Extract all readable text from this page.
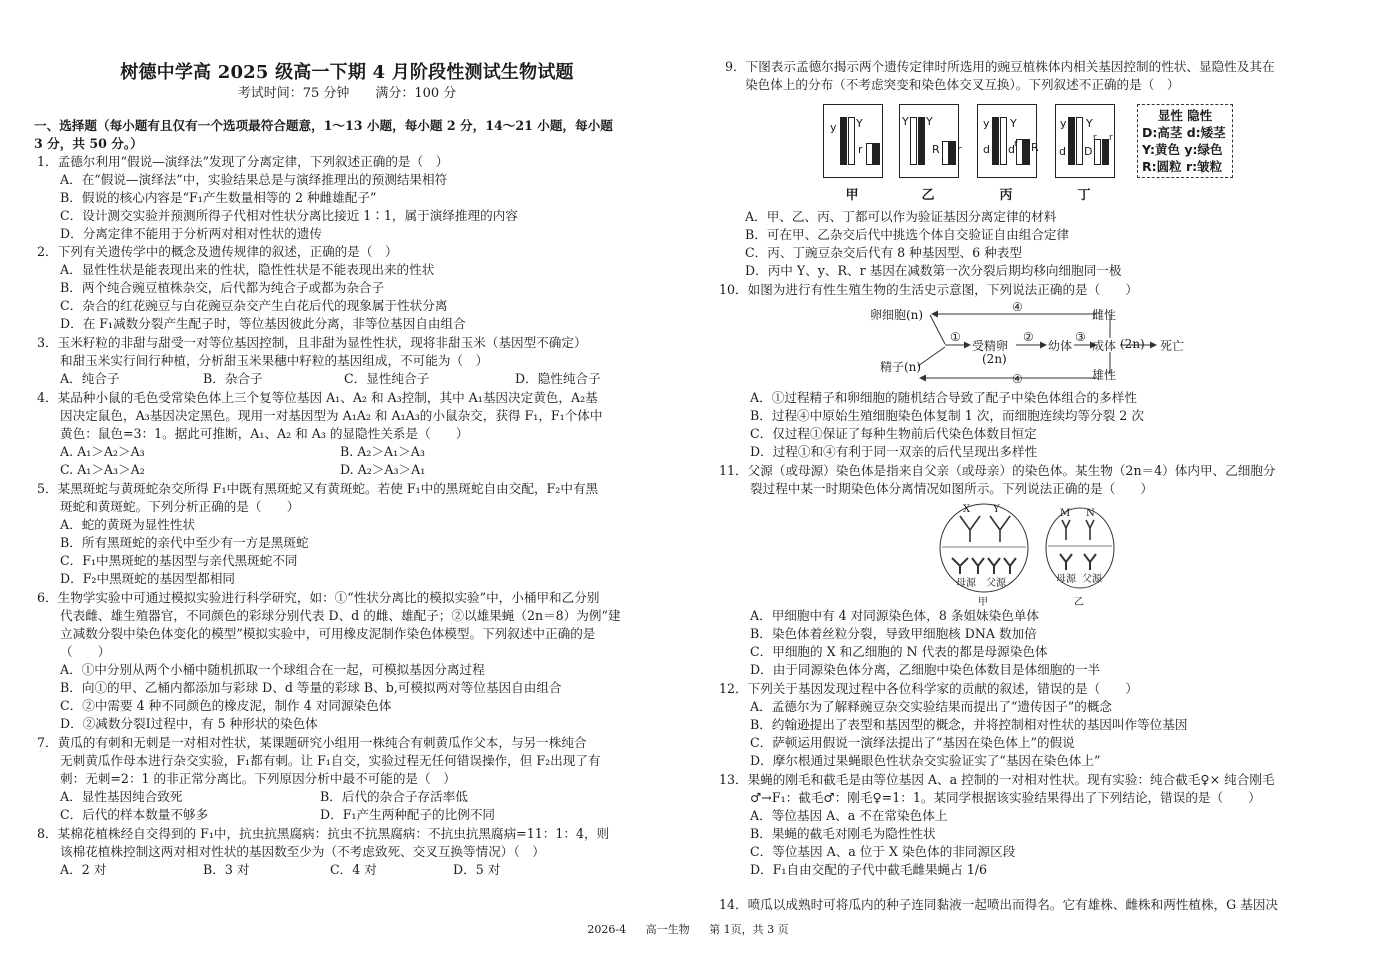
树德中学高 2025 级高一下期 4 月阶段性测试生物试题
考试时间：75 分钟　　满分：100 分
一、选择题（每小题有且仅有一个选项最符合题意，1～13 小题，每小题 2 分，14～21 小题，每小题
3 分，共 50 分。）
1．孟德尔利用“假说—演绎法”发现了分离定律，下列叙述正确的是（　）
A．在“假说—演绎法”中，实验结果总是与演绎推理出的预测结果相符
B．假说的核心内容是“F₁产生数量相等的 2 种雌雄配子”
C．设计测交实验并预测所得子代相对性状分离比接近 1∶1，属于演绎推理的内容
D．分离定律不能用于分析两对相对性状的遗传
2．下列有关遗传学中的概念及遗传规律的叙述，正确的是（　）
A．显性性状是能表现出来的性状，隐性性状是不能表现出来的性状
B．两个纯合豌豆植株杂交，后代都为纯合子或都为杂合子
C．杂合的红花豌豆与白花豌豆杂交产生白花后代的现象属于性状分离
D．在 F₁减数分裂产生配子时，等位基因彼此分离，非等位基因自由组合
3．玉米籽粒的非甜与甜受一对等位基因控制，且非甜为显性性状，现将非甜玉米（基因型不确定）
和甜玉米实行间行种植，分析甜玉米果穗中籽粒的基因组成，不可能为（　）
A．纯合子	B．杂合子	C．显性纯合子	D．隐性纯合子
4．某品种小鼠的毛色受常染色体上三个复等位基因 A₁、A₂ 和 A₃控制，其中 A₁基因决定黄色，A₂基
因决定鼠色，A₃基因决定黑色。现用一对基因型为 A₁A₂ 和 A₁A₃的小鼠杂交，获得 F₁，F₁个体中
黄色：鼠色=3：1。据此可推断，A₁、A₂ 和 A₃ 的显隐性关系是（　　）
A. A₁＞A₂＞A₃	B. A₂＞A₁＞A₃
C. A₁＞A₃＞A₂	D. A₂＞A₃＞A₁
5．某黑斑蛇与黄斑蛇杂交所得 F₁中既有黑斑蛇又有黄斑蛇。若使 F₁中的黑斑蛇自由交配，F₂中有黑
斑蛇和黄斑蛇。下列分析正确的是（　　）
A．蛇的黄斑为显性性状
B．所有黑斑蛇的亲代中至少有一方是黑斑蛇
C．F₁中黑斑蛇的基因型与亲代黑斑蛇不同
D．F₂中黑斑蛇的基因型都相同
6．生物学实验中可通过模拟实验进行科学研究，如：①“性状分离比的模拟实验”中，小桶甲和乙分别
代表雌、雄生殖器官，不同颜色的彩球分别代表 D、d 的雌、雄配子；②以雄果蝇（2n＝8）为例“建
立减数分裂中染色体变化的模型”模拟实验中，可用橡皮泥制作染色体模型。下列叙述中正确的是
（　　）
A．①中分别从两个小桶中随机抓取一个球组合在一起，可模拟基因分离过程
B．向①的甲、乙桶内都添加与彩球 D、d 等量的彩球 B、b,可模拟两对等位基因自由组合
C．②中需要 4 种不同颜色的橡皮泥，制作 4 对同源染色体
D．②减数分裂Ⅰ过程中，有 5 种形状的染色体
7．黄瓜的有刺和无刺是一对相对性状，某课题研究小组用一株纯合有刺黄瓜作父本，与另一株纯合
无刺黄瓜作母本进行杂交实验，F₁都有刺。让 F₁自交，实验过程无任何错误操作，但 F₂出现了有
刺：无刺=2：1 的非正常分离比。下列原因分析中最不可能的是（　）
A．显性基因纯合致死	B．后代的杂合子存活率低
C．后代的样本数量不够多	D．F₁产生两种配子的比例不同
8．某棉花植株经自交得到的 F₁中，抗虫抗黑腐病：抗虫不抗黑腐病：不抗虫抗黑腐病=11：1：4，则
该棉花植株控制这两对相对性状的基因数至少为（不考虑致死、交叉互换等情况）（　）
A．2 对	B．3 对	C．4 对	D．5 对
9．下图表示孟德尔揭示两个遗传定律时所选用的豌豆植株体内相关基因控制的性状、显隐性及其在
染色体上的分布（不考虑突变和染色体交叉互换）。下列叙述不正确的是（　）
y Y
r
甲
Y Y
R r
乙
y Y
d d r R
丙
y Y
d D
r r
丁
显性 隐性
D:高茎 d:矮茎
Y:黄色 y:绿色
R:圆粒 r:皱粒
A．甲、乙、丙、丁都可以作为验证基因分离定律的材料
B．可在甲、乙杂交后代中挑选个体自交验证自由组合定律
C．丙、丁豌豆杂交后代有 8 种基因型、6 种表型
D．丙中 Y、y、R、r 基因在减数第一次分裂后期均移向细胞同一极
10．如图为进行有性生殖生物的生活史示意图，下列说法正确的是（　　）
卵细胞(n)
精子(n)
①
受精卵
(2n)
②
幼体
③
成体 (2n) 死亡
雌性
雄性
④
④
A．①过程精子和卵细胞的随机结合导致了配子中染色体组合的多样性
B．过程④中原始生殖细胞染色体复制 1 次，而细胞连续均等分裂 2 次
C．仅过程①保证了每种生物前后代染色体数目恒定
D．过程①和④有利于同一双亲的后代呈现出多样性
11．父源（或母源）染色体是指来自父亲（或母亲）的染色体。某生物（2n＝4）体内甲、乙细胞分
裂过程中某一时期染色体分离情况如图所示。下列说法正确的是（　　）
X Y	M N
母源 父源	母源 父源
甲	乙
A．甲细胞中有 4 对同源染色体，8 条姐妹染色单体
B．染色体着丝粒分裂，导致甲细胞核 DNA 数加倍
C．甲细胞的 X 和乙细胞的 N 代表的都是母源染色体
D．由于同源染色体分离，乙细胞中染色体数目是体细胞的一半
12．下列关于基因发现过程中各位科学家的贡献的叙述，错误的是（　　）
A．孟德尔为了解释豌豆杂交实验结果而提出了“遗传因子”的概念
B．约翰逊提出了表型和基因型的概念，并将控制相对性状的基因叫作等位基因
C．萨顿运用假说一演绎法提出了“基因在染色体上”的假说
D．摩尔根通过果蝇眼色性状杂交实验证实了“基因在染色体上”
13．果蝇的刚毛和截毛是由等位基因 A、a 控制的一对相对性状。现有实验：纯合截毛♀× 纯合刚毛
♂→F₁：截毛♂：刚毛♀=1：1。某同学根据该实验结果得出了下列结论，错误的是（　　）
A．等位基因 A、a 不在常染色体上
B．果蝇的截毛对刚毛为隐性性状
C．等位基因 A、a 位于 X 染色体的非同源区段
D．F₁自由交配的子代中截毛雌果蝇占 1/6
14．喷瓜以成熟时可将瓜内的种子连同黏液一起喷出而得名。它有雄株、雌株和两性植株，G 基因决
2026-4 高一生物 第 1页，共 3 页
